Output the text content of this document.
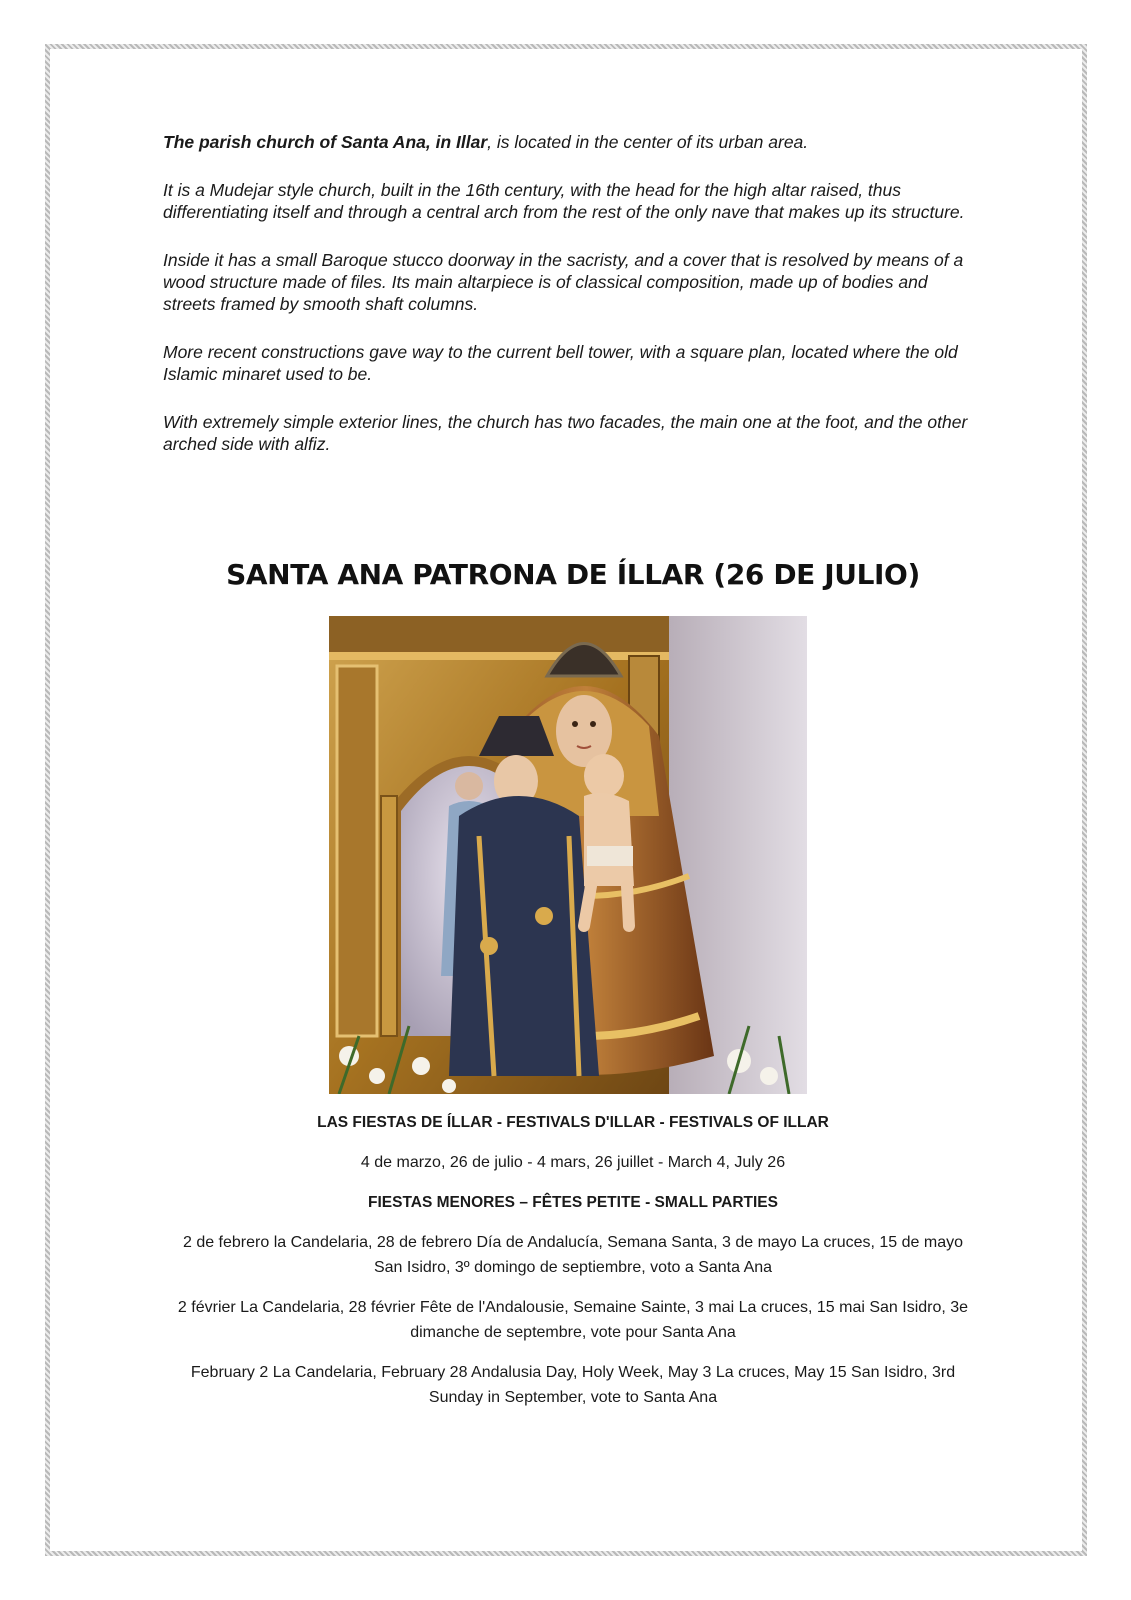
The parish church of Santa Ana, in Illar, is located in the center of its urban area.

It is a Mudejar style church, built in the 16th century, with the head for the high altar raised, thus differentiating itself and through a central arch from the rest of the only nave that makes up its structure.

Inside it has a small Baroque stucco doorway in the sacristy, and a cover that is resolved by means of a wood structure made of files. Its main altarpiece is of classical composition, made up of bodies and streets framed by smooth shaft columns.

More recent constructions gave way to the current bell tower, with a square plan, located where the old Islamic minaret used to be.

With extremely simple exterior lines, the church has two facades, the main one at the foot, and the other arched side with alfiz.

SANTA ANA PATRONA DE ÍLLAR (26 DE JULIO)

LAS FIESTAS DE ÍLLAR - FESTIVALS D'ILLAR - FESTIVALS OF ILLAR

4 de marzo, 26 de julio - 4 mars, 26 juillet - March 4, July 26

FIESTAS MENORES – FÊTES PETITE - SMALL PARTIES

2 de febrero la Candelaria, 28 de febrero Día de Andalucía, Semana Santa, 3 de mayo La cruces, 15 de mayo San Isidro, 3º domingo de septiembre, voto a Santa Ana

2 février La Candelaria, 28 février Fête de l'Andalousie, Semaine Sainte, 3 mai La cruces, 15 mai San Isidro, 3e dimanche de septembre, vote pour Santa Ana

February 2 La Candelaria, February 28 Andalusia Day, Holy Week, May 3 La cruces, May 15 San Isidro, 3rd Sunday in September, vote to Santa Ana
